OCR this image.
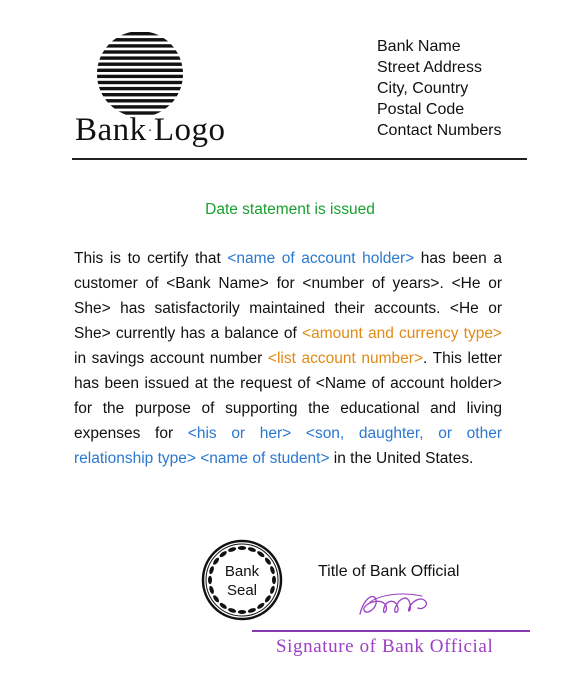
Bank·Logo
Bank Name
Street Address
City, Country
Postal Code
Contact Numbers
Date statement is issued
This is to certify that <name of account holder> has been a customer of <Bank Name> for <number of years>. <He or She> has satisfactorily maintained their accounts. <He or She> currently has a balance of <amount and currency type> in savings account number <list account number>. This letter has been issued at the request of <Name of account holder> for the purpose of supporting the educational and living expenses for <his or her> <son, daughter, or other relationship type> <name of student> in the United States.
Bank
Seal
Title of Bank Official
Signature of Bank Official
